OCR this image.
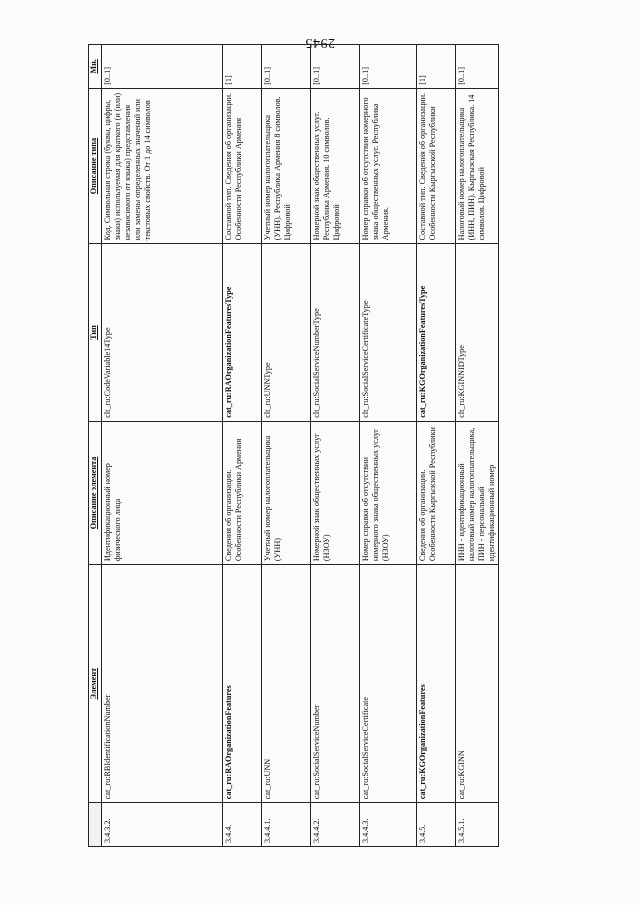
2945
	Элемент	Описание элемента	Тип	Описание типа	Мн.
3.4.3.2.	cat_ru:RBIdentificationNumber	Идентификационный номер физического лица	clt_ru:CodeVariable14Type	Код. Символьная строка (буквы, цифры, знаки) используемая для краткого (и (или) независимого от языка) представления или замены определенных значений или текстовых свойств. От 1 до 14 символов	[0..1]
3.4.4.	cat_ru:RAOrganizationFeatures	Сведения об организации. Особенности Республики Армения	cat_ru:RAOrganizationFeaturesType	Составной тип. Сведения об организации. Особенности Республики Армения	[1]
3.4.4.1.	cat_ru:UNN	Учетный номер налогоплательщика (УНН)	clt_ru:UNNType	Учетный номер налогоплательщика (УНН). Республика Армения 8 символов. Цифровой	[0..1]
3.4.4.2.	cat_ru:SocialServiceNumber	Номерной знак общественных услуг (НЗОУ)	clt_ru:SocialServiceNumberType	Номерной знак общественных услуг. Республика Армения. 10 символов. Цифровой	[0..1]
3.4.4.3.	cat_ru:SocialServiceCertificate	Номер справки об отсутствии номерного знака общественных услуг (НЗОУ)	clt_ru:SocialServiceCertificateType	Номер справки об отсутствии номерного знака общественных услуг. Республика Армения.	[0..1]
3.4.5.	cat_ru:KGOrganizationFeatures	Сведения об организации. Особенности Кыргызской Республики	cat_ru:KGOrganizationFeaturesType	Составной тип. Сведения об организации. Особенности Кыргызской Республики	[1]
3.4.5.1.	cat_ru:KGINN	ИНН - идентификационный налоговый номер налогоплательщика, ПИН - персональный идентификационный номер	clt_ru:KGINNIDType	Налоговый номер налогоплательщика (ИНН, ПИН). Кыргызская Республика. 14 символов. Цифровой	[0..1]
